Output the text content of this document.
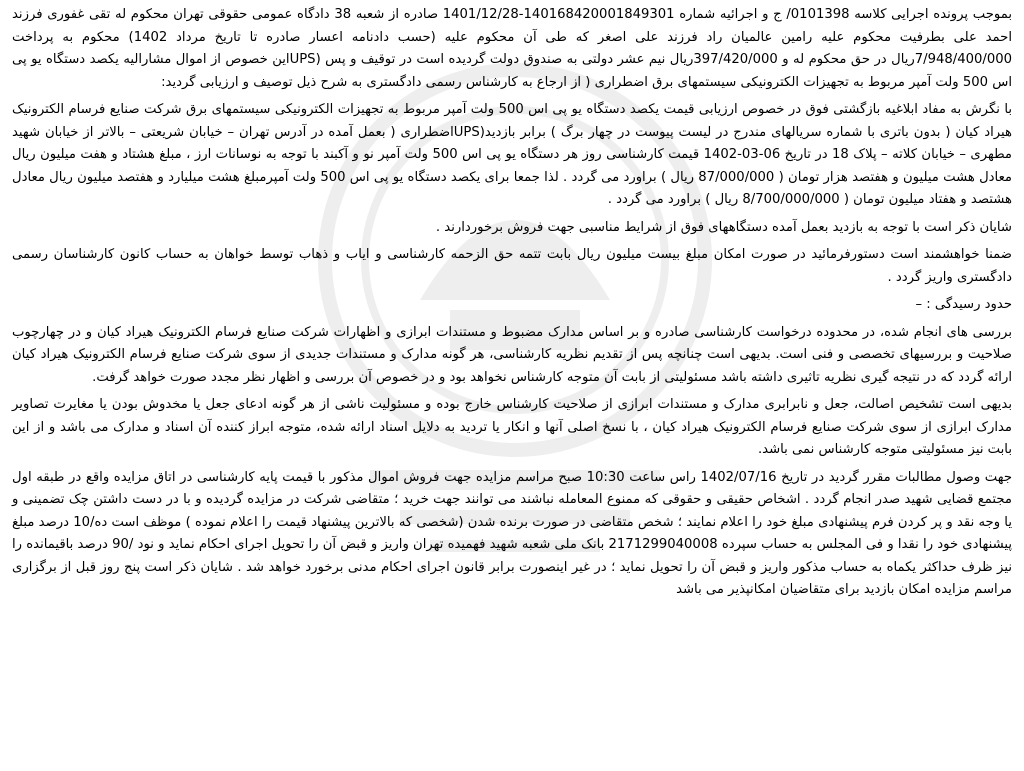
بموجب پرونده اجرایی کلاسه 0101398/ ج و اجرائیه شماره 140168420001849301-1401/12/28 صادره از شعبه 38 دادگاه عمومی حقوقی تهران محکوم له تقی غفوری فرزند احمد علی بطرفیت محکوم علیه رامین عالمیان راد فرزند علی اصغر که طی آن محکوم علیه (حسب دادنامه اعسار صادره تا تاریخ مرداد 1402) محکوم به پرداخت 7/948/400/000ریال در حق محکوم له و 397/420/000ریال نیم عشر دولتی به صندوق دولت گردیده است در توقیف و پس (UPSاین خصوص از اموال مشارالیه یکصد دستگاه یو پی اس 500 ولت آمپر مربوط به تجهیزات الکترونیکی سیستمهای برق اضطراری ( از ارجاع به کارشناس رسمی دادگستری به شرح ذیل توصیف و ارزیابی گردید:

با نگرش به مفاد ابلاغیه بازگشتی فوق در خصوص ارزیابی قیمت یکصد دستگاه یو پی اس 500 ولت آمپر مربوط به تجهیزات الکترونیکی سیستمهای برق شرکت صنایع فرسام الکترونیک هیراد کیان ( بدون باتری با شماره سریالهای مندرج در لیست پیوست در چهار برگ ) برابر بازدید(UPSاضطراری ( بعمل آمده در آدرس تهران – خیابان شریعتی – بالاتر از خیابان شهید مطهری – خیابان کلاته – پلاک 18 در تاریخ 06-03-1402 قیمت کارشناسی روز هر دستگاه یو پی اس 500 ولت آمپر نو و آکبند با توجه به نوسانات ارز ، مبلغ هشتاد و هفت میلیون ریال معادل هشت میلیون و هفتصد هزار تومان ( 87/000/000 ریال ) براورد می گردد . لذا جمعا برای یکصد دستگاه یو پی اس 500 ولت آمپرمبلغ هشت میلیارد و هفتصد میلیون ریال معادل هشتصد و هفتاد میلیون تومان ( 8/700/000/000 ریال ) براورد می گردد .

شایان ذکر است با توجه به بازدید بعمل آمده دستگاههای فوق از شرایط مناسبی جهت فروش برخوردارند .

ضمنا خواهشمند است دستورفرمائید در صورت امکان مبلغ بیست میلیون ریال بابت تتمه حق الزحمه کارشناسی و ایاب و ذهاب توسط خواهان به حساب کانون کارشناسان رسمی دادگستری واریز گردد .

حدود رسیدگی : –

بررسی های انجام شده، در محدوده درخواست کارشناسی صادره و بر اساس مدارک مضبوط و مستندات ابرازی و اظهارات شرکت صنایع فرسام الکترونیک هیراد کیان و در چهارچوب صلاحیت و بررسیهای تخصصی و فنی است. بدیهی است چنانچه پس از تقدیم نظریه کارشناسی، هر گونه مدارک و مستندات جدیدی از سوی شرکت صنایع فرسام الکترونیک هیراد کیان ارائه گردد که در نتیجه گیری نظریه تاثیری داشته باشد مسئولیتی از بابت آن متوجه کارشناس نخواهد بود و در خصوص آن بررسی و اظهار نظر مجدد صورت خواهد گرفت.

بدیهی است تشخیص اصالت، جعل و نابرابری مدارک و مستندات ابرازی از صلاحیت کارشناس خارج بوده و مسئولیت ناشی از هر گونه ادعای جعل یا مخدوش بودن یا مغایرت تصاویر مدارک ابرازی از سوی شرکت صنایع فرسام الکترونیک هیراد کیان ، با نسخ اصلی آنها و انکار یا تردید به دلایل اسناد ارائه شده، متوجه ابراز کننده آن اسناد و مدارک می باشد و از این بابت نیز مسئولیتی متوجه کارشناس نمی باشد.

جهت وصول مطالبات مقرر گردید در تاریخ 1402/07/16 راس ساعت 10:30 صبح مراسم مزایده جهت فروش اموال مذکور با قیمت پایه کارشناسی در اتاق مزایده واقع در طبقه اول مجتمع قضایی شهید صدر انجام گردد . اشخاص حقیقی و حقوقی که ممنوع المعامله نباشند می توانند جهت خرید ؛ متقاضی شرکت در مزایده گردیده و با در دست داشتن چک تضمینی و یا وجه نقد و پر کردن فرم پیشنهادی مبلغ خود را اعلام نمایند ؛ شخص متقاضی در صورت برنده شدن (شخصی که بالاترین پیشنهاد قیمت را اعلام نموده ) موظف است ده/10 درصد مبلغ پیشنهادی خود را نقدا و فی المجلس به حساب سپرده 2171299040008 بانک ملی شعبه شهید فهمیده تهران واریز و قبض آن را تحویل اجرای احکام نماید و نود /90 درصد باقیمانده را نیز ظرف حداکثر یکماه به حساب مذکور واریز و قبض آن را تحویل نماید ؛ در غیر اینصورت برابر قانون اجرای احکام مدنی برخورد خواهد شد . شایان ذکر است پنج روز قبل از برگزاری مراسم مزایده امکان بازدید برای متقاضیان امکانپذیر می باشد
